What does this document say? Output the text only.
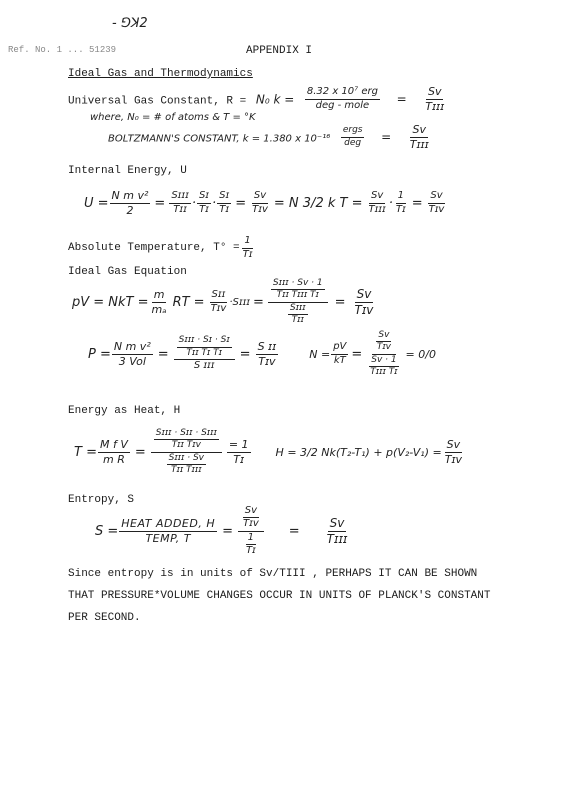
- ⅁ꓘ2
Ref. No. 1 ... 51239	APPENDIX I
Ideal Gas and Thermodynamics
Universal Gas Constant, R = N₀ $k = \frac{\text{8.32 x 10⁷ erg}}{\text{deg - mole}} = \frac{\text{Sᴠ}}{\text{Tɪɪɪ}}$
where, N₀ = # of atoms & T = °K
BOLTZMANN'S CONSTANT, k = 1.380 x $10^{-16} \frac{\text{ergs}}{\text{deg}} = \frac{\text{Sᴠ}}{\text{Tɪɪɪ}}$
Internal Energy, U
$U = \frac{\text{N m v²}}{2} = \frac{\text{Sɪɪɪ}}{\text{Tɪɪ}} \cdot \frac{\text{Sɪ}}{\text{Tɪ}} \cdot \frac{\text{Sɪ}}{\text{Tɪ}} = \frac{\text{Sᴠ}}{\text{Tɪᴠ}} = N$ 3/2 k $T = \frac{\text{Sᴠ}}{\text{Tɪɪɪ}} \cdot \frac{1}{\text{Tɪ}} = \frac{\text{Sᴠ}}{\text{Tɪᴠ}}$
Absolute Temperature, $T^\circ = \frac{1}{\text{Tɪ}}$
Ideal Gas Equation
pV = NkT = $\frac{m}{\text{mₐ}}$ RT = $\frac{\text{Sɪɪ}}{\text{Tɪᴠ}}$ · Sɪɪɪ = $\frac{\frac{\text{Sɪɪɪ · Sᴠ · 1}}{\text{Tɪɪ Tɪɪɪ Tɪ}}}{\frac{\text{Sɪɪɪ}}{\text{Tɪɪ}}} = \frac{\text{Sᴠ}}{\text{Tɪᴠ}}$
$P = \frac{\text{N m v²}}{\text{3 Vol}} = \frac{\frac{\text{Sɪɪɪ · Sɪ · Sɪ}}{\text{Tɪɪ Tɪ Tɪ}}}{\text{S ɪɪɪ}} = \frac{\text{S ɪɪ}}{\text{Tɪᴠ}}$	$N = \frac{pV}{kT} = \frac{\frac{\text{Sᴠ}}{\text{Tɪᴠ}}}{\frac{\text{Sᴠ · 1}}{\text{Tɪɪɪ Tɪ}}} = 0/0$
Energy as Heat, H
$T = \frac{\text{M f V}}{\text{m R}} = \frac{\frac{\text{Sɪɪɪ · Sɪɪ · Sɪɪɪ}}{\text{Tɪɪ Tɪᴠ}}}{\frac{\text{Sɪɪɪ · Sᴠ}}{\text{Tɪɪ Tɪɪɪ}}} \frac{= 1}{\text{Tɪ}}$ H = 3/2 $Nk(T_2-T_1) + p(V_2-V_1) = \frac{\text{Sᴠ}}{\text{Tɪᴠ}}$
Entropy, S
$S = \frac{\text{HEAT ADDED, H}}{\text{TEMP, T}} = \frac{\frac{\text{Sᴠ}}{\text{Tɪᴠ}}}{\frac{1}{\text{Tɪ}}} = \frac{\text{Sᴠ}}{\text{Tɪɪɪ}}$
Since entropy is in units of Sᴠ/TIII , PERHAPS IT CAN BE SHOWN
THAT PRESSURE*VOLUME CHANGES OCCUR IN UNITS OF PLANCK'S CONSTANT
PER SECOND.
